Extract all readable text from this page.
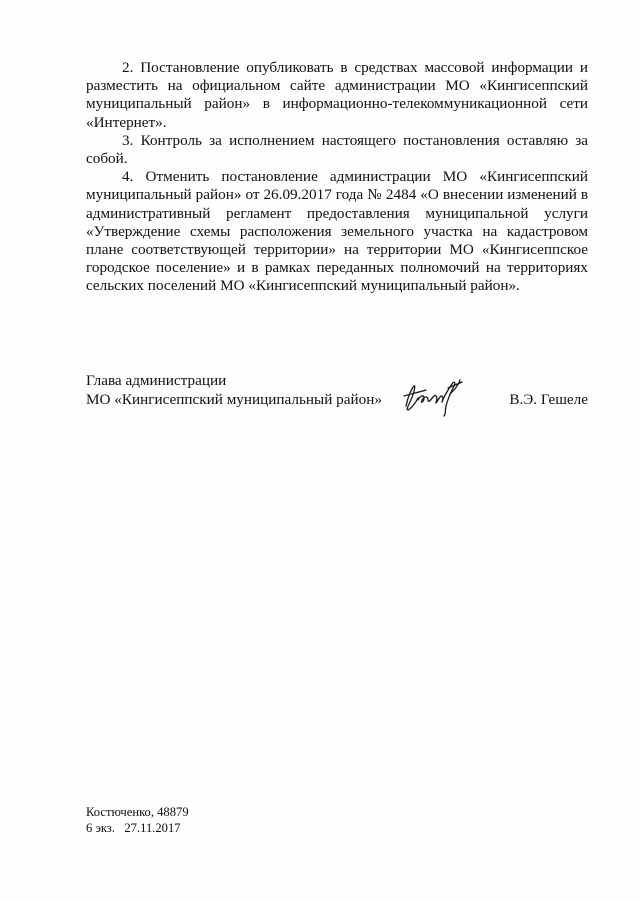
2. Постановление опубликовать в средствах массовой информации и разместить на официальном сайте администрации МО «Кингисеппский муниципальный район» в информационно-телекоммуникационной сети «Интернет».

3. Контроль за исполнением настоящего постановления оставляю за собой.

4. Отменить постановление администрации МО «Кингисеппский муниципальный район» от 26.09.2017 года № 2484 «О внесении изменений в административный регламент предоставления муниципальной услуги «Утверждение схемы расположения земельного участка на кадастровом плане соответствующей территории» на территории МО «Кингисеппское городское поселение» и в рамках переданных полномочий на территориях сельских поселений МО «Кингисеппский муниципальный район».

Глава администрации
МО «Кингисеппский муниципальный район»	В.Э. Гешеле
Костюченко, 48879
6 экз.   27.11.2017
